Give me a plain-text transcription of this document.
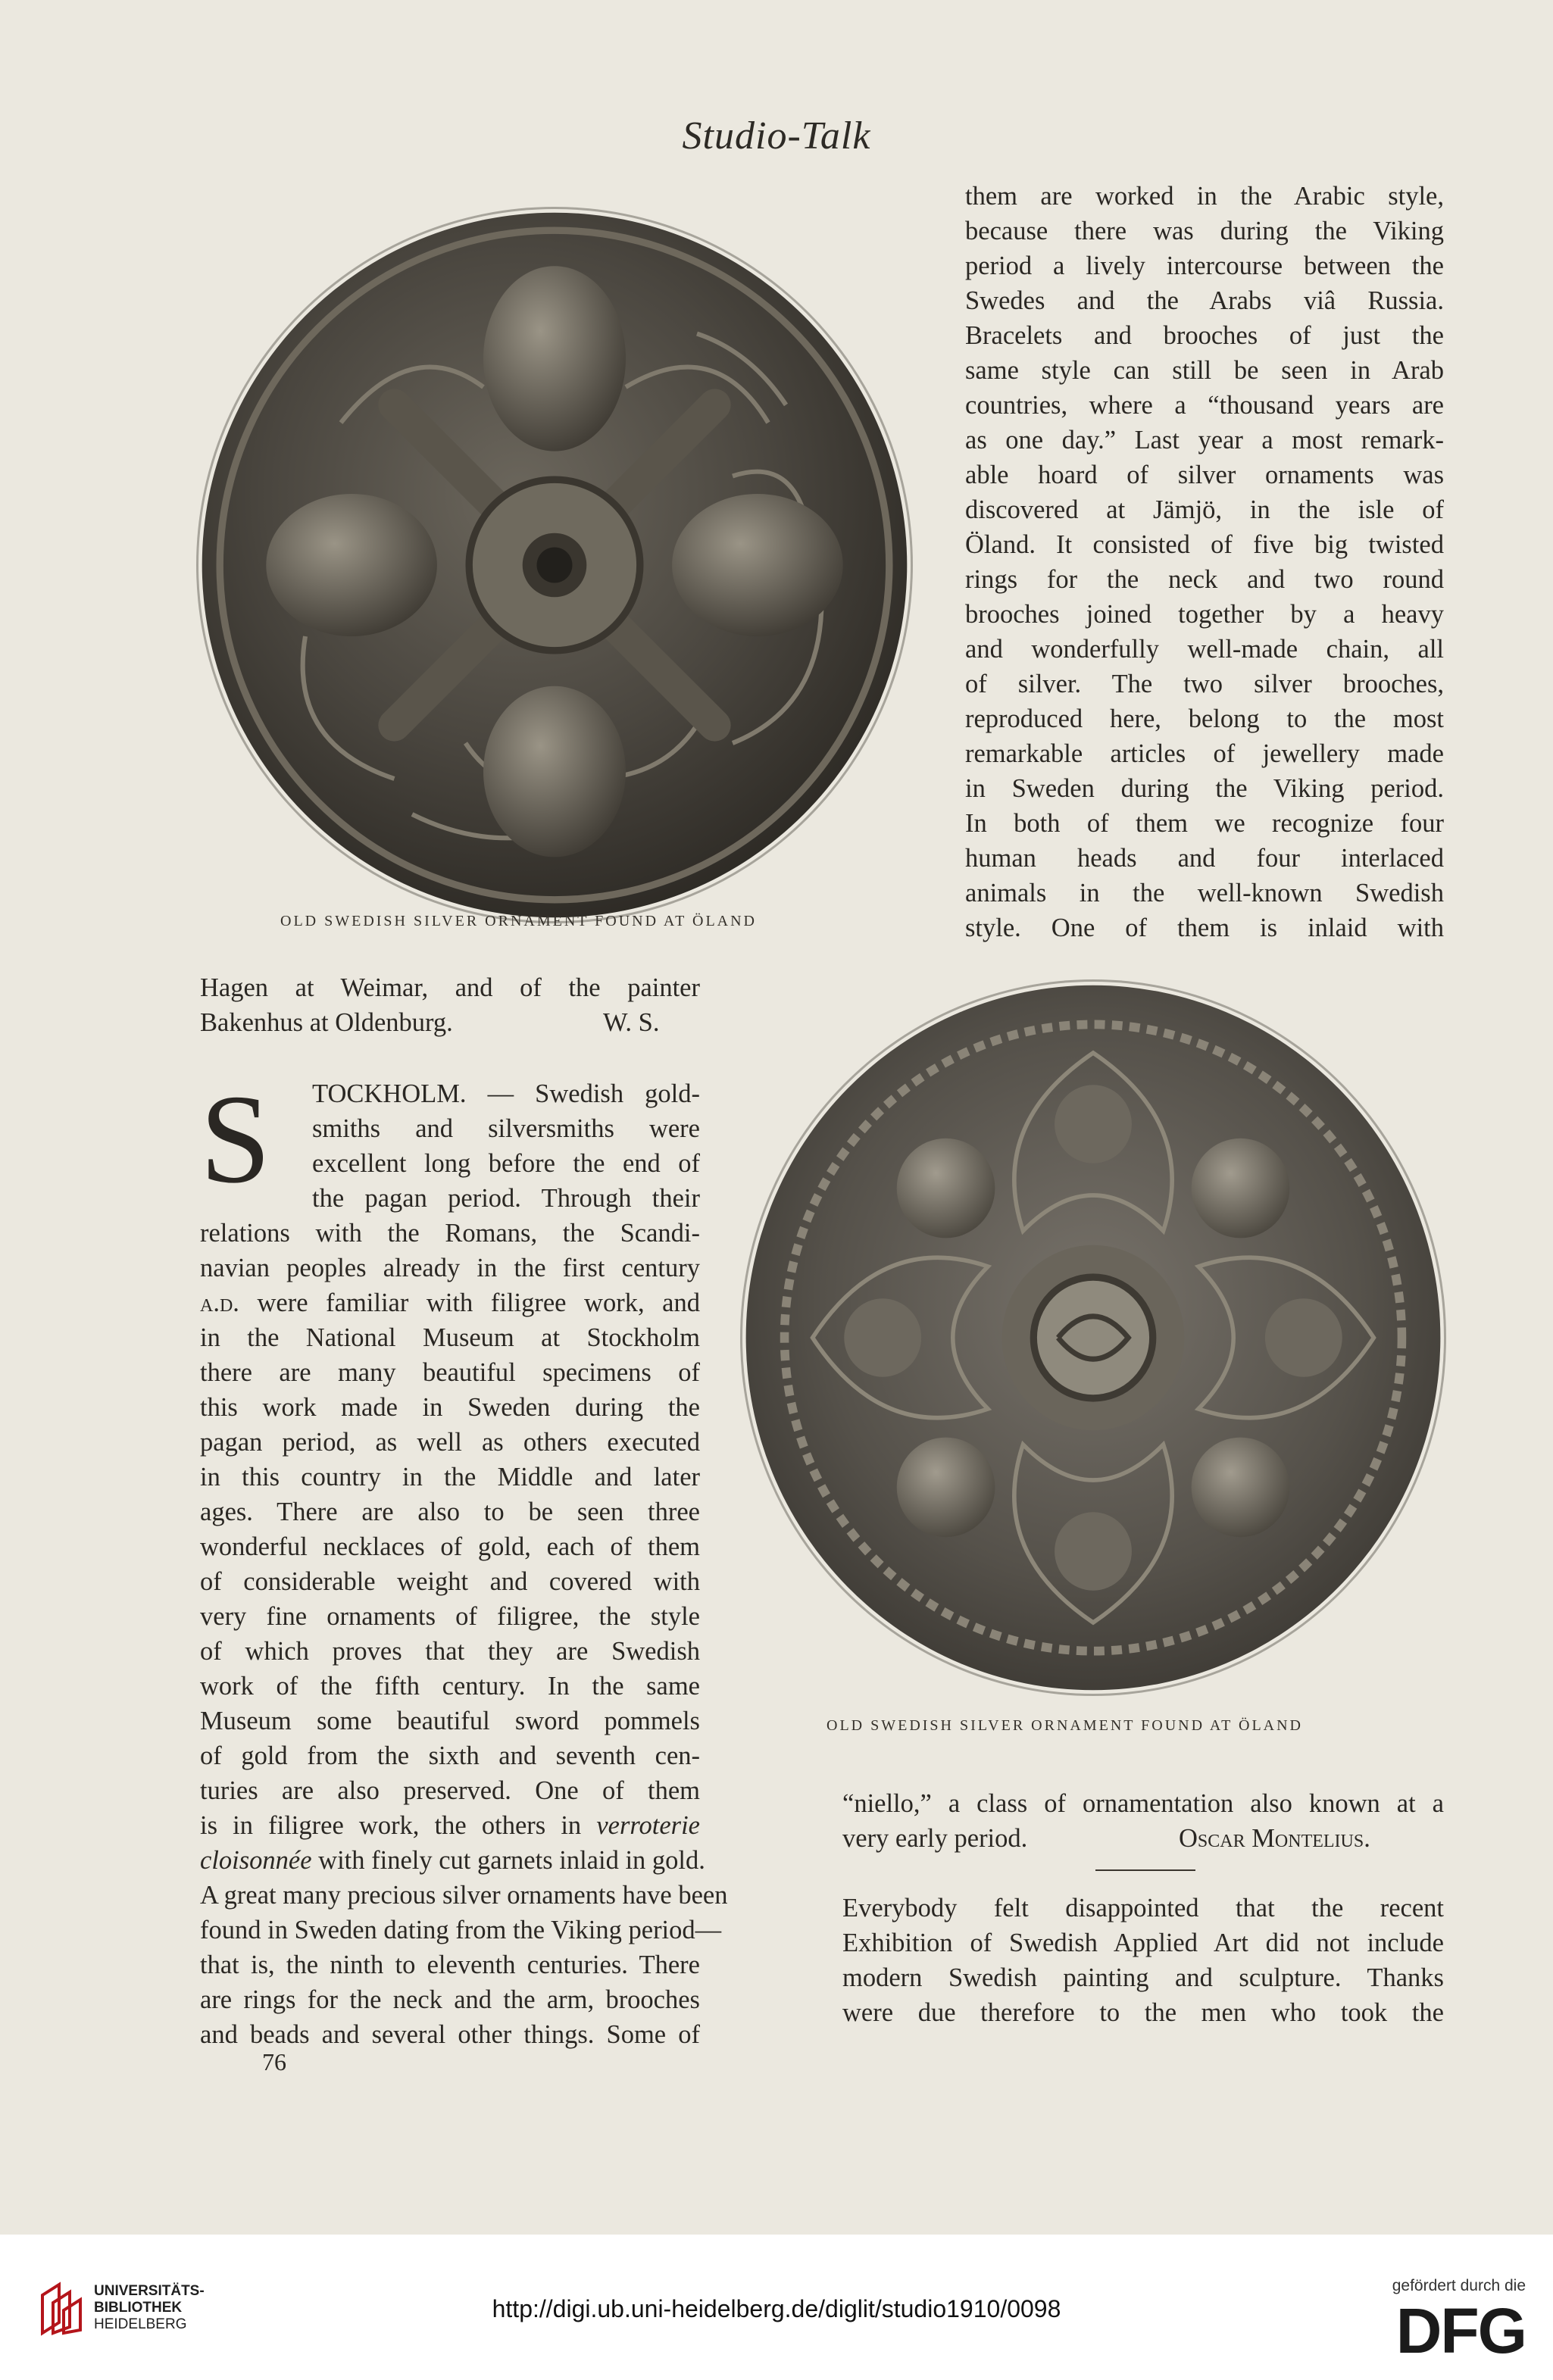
Studio-Talk
OLD SWEDISH SILVER ORNAMENT FOUND AT ÖLAND
OLD SWEDISH SILVER ORNAMENT FOUND AT ÖLAND
them are worked in the Arabic style,
because there was during the Viking
period a lively intercourse between the
Swedes and the Arabs viâ Russia.
Bracelets and brooches of just the
same style can still be seen in Arab
countries, where a “thousand years are
as one day.” Last year a most remark-
able hoard of silver ornaments was
discovered at Jämjö, in the isle of
Öland. It consisted of five big twisted
rings for the neck and two round
brooches joined together by a heavy
and wonderfully well-made chain, all
of silver. The two silver brooches,
reproduced here, belong to the most
remarkable articles of jewellery made
in Sweden during the Viking period.
In both of them we recognize four
human heads and four interlaced
animals in the well-known Swedish
style. One of them is inlaid with
Hagen at Weimar, and of the painter
Bakenhus at Oldenburg.	W. S.
S TOCKHOLM. — Swedish gold-
smiths and silversmiths were
excellent long before the end of
the pagan period. Through their
relations with the Romans, the Scandi-
navian peoples already in the first century
a.d. were familiar with filigree work, and
in the National Museum at Stockholm
there are many beautiful specimens of
this work made in Sweden during the
pagan period, as well as others executed
in this country in the Middle and later
ages. There are also to be seen three
wonderful necklaces of gold, each of them
of considerable weight and covered with
very fine ornaments of filigree, the style
of which proves that they are Swedish
work of the fifth century. In the same
Museum some beautiful sword pommels
of gold from the sixth and seventh cen-
turies are also preserved. One of them
is in filigree work, the others in verroterie
cloisonnée with finely cut garnets inlaid in gold.
A great many precious silver ornaments have been
found in Sweden dating from the Viking period—
that is, the ninth to eleventh centuries. There
are rings for the neck and the arm, brooches
and beads and several other things. Some of
76
“niello,” a class of ornamentation also known at a
very early period.	Oscar Montelius.
Everybody felt disappointed that the recent
Exhibition of Swedish Applied Art did not include
modern Swedish painting and sculpture. Thanks
were due therefore to the men who took the
UNIVERSITÄTS-
BIBLIOTHEK
HEIDELBERG
http://digi.ub.uni-heidelberg.de/diglit/studio1910/0098
gefördert durch die
DFG
